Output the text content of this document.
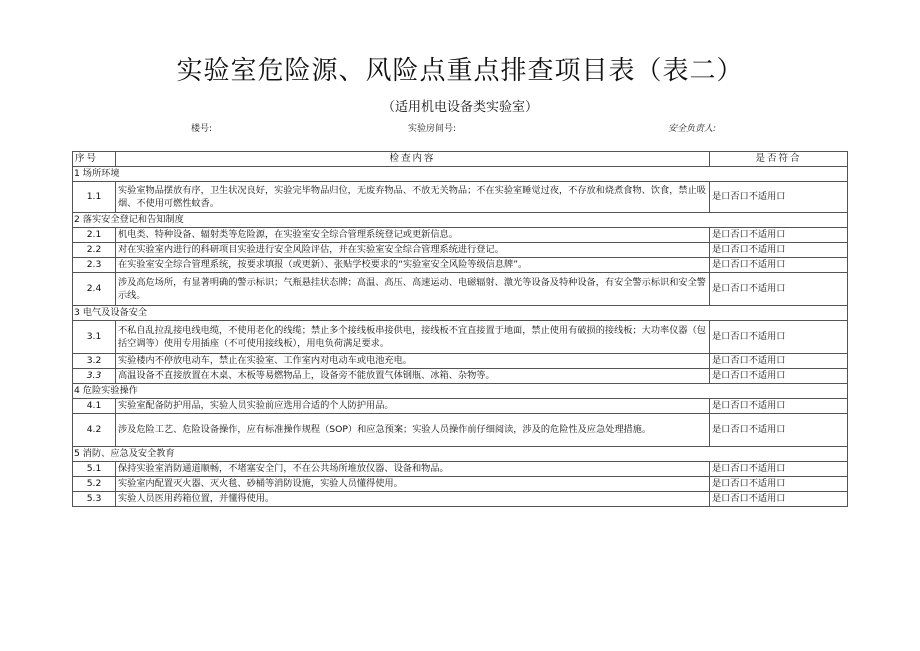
实验室危险源、风险点重点排查项目表（表二）
（适用机电设备类实验室）
楼号:	实验房间号:	安全负责人:
序号	检查内容	是否符合
1 场所环境		
1.1	实验室物品摆放有序，卫生状况良好，实验完毕物品归位，无废弃物品、不放无关物品；不在实验室睡觉过夜，不存放和烧煮食物、饮食，禁止吸烟、不使用可燃性蚊香。	是口否口不适用口
2 落实安全登记和告知制度		
2.1	机电类、特种设备、辐射类等危险源，在实验室安全综合管理系统登记或更新信息。	是口否口不适用口
2.2	对在实验室内进行的科研项目实验进行安全风险评估，并在实验室安全综合管理系统进行登记。	是口否口不适用口
2.3	在实验室安全综合管理系统，按要求填报（或更新）、张贴学校要求的“实验室安全风险等级信息牌”。	是口否口不适用口
2.4	涉及高危场所，有显著明确的警示标识；气瓶悬挂状态牌；高温、高压、高速运动、电磁辐射、激光等设备及特种设备，有安全警示标识和安全警示线。	是口否口不适用口
3 电气及设备安全		
3.1	不私自乱拉乱接电线电缆，不使用老化的线缆；禁止多个接线板串接供电，接线板不宜直接置于地面，禁止使用有破损的接线板；大功率仪器（包括空调等）使用专用插座（不可使用接线板），用电负荷满足要求。	是口否口不适用口
3.2	实验楼内不停放电动车，禁止在实验室、工作室内对电动车或电池充电。	是口否口不适用口
3.3	高温设备不直接放置在木桌、木板等易燃物品上，设备旁不能放置气体钢瓶、冰箱、杂物等。	是口否口不适用口
4 危险实验操作		
4.1	实验室配备防护用品，实验人员实验前应选用合适的个人防护用品。	是口否口不适用口
4.2	涉及危险工艺、危险设备操作，应有标准操作规程（SOP）和应急预案；实验人员操作前仔细阅读，涉及的危险性及应急处理措施。	是口否口不适用口
5 消防、应急及安全教育		
5.1	保持实验室消防通道顺畅，不堵塞安全门，不在公共场所堆放仪器、设备和物品。	是口否口不适用口
5.2	实验室内配置灭火器、灭火毯、砂桶等消防设施，实验人员懂得使用。	是口否口不适用口
5.3	实验人员医用药箱位置，并懂得使用。	是口否口不适用口
